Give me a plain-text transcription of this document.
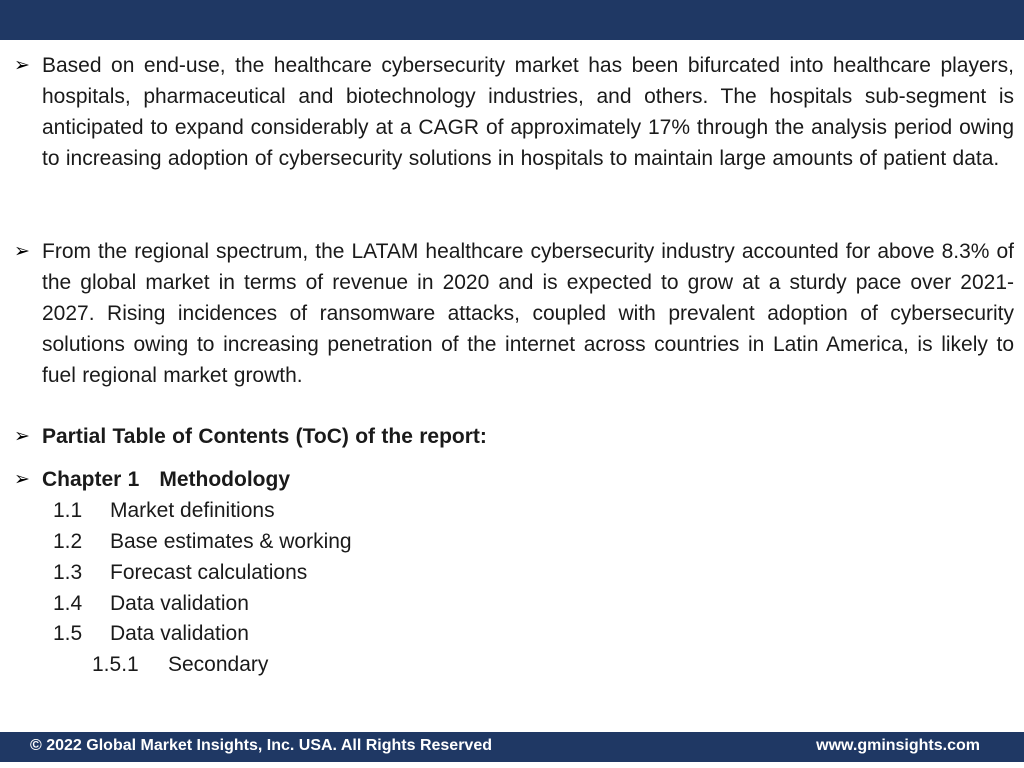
➢ Based on end-use, the healthcare cybersecurity market has been bifurcated into healthcare players, hospitals, pharmaceutical and biotechnology industries, and others. The hospitals sub-segment is anticipated to expand considerably at a CAGR of approximately 17% through the analysis period owing to increasing adoption of cybersecurity solutions in hospitals to maintain large amounts of patient data.
➢ From the regional spectrum, the LATAM healthcare cybersecurity industry accounted for above 8.3% of the global market in terms of revenue in 2020 and is expected to grow at a sturdy pace over 2021-2027. Rising incidences of ransomware attacks, coupled with prevalent adoption of cybersecurity solutions owing to increasing penetration of the internet across countries in Latin America, is likely to fuel regional market growth.
➢ Partial Table of Contents (ToC) of the report:
➢ Chapter 1 Methodology
1.1 Market definitions
1.2 Base estimates & working
1.3 Forecast calculations
1.4 Data validation
1.5 Data validation
1.5.1 Secondary
© 2022 Global Market Insights, Inc. USA. All Rights Reserved	www.gminsights.com
